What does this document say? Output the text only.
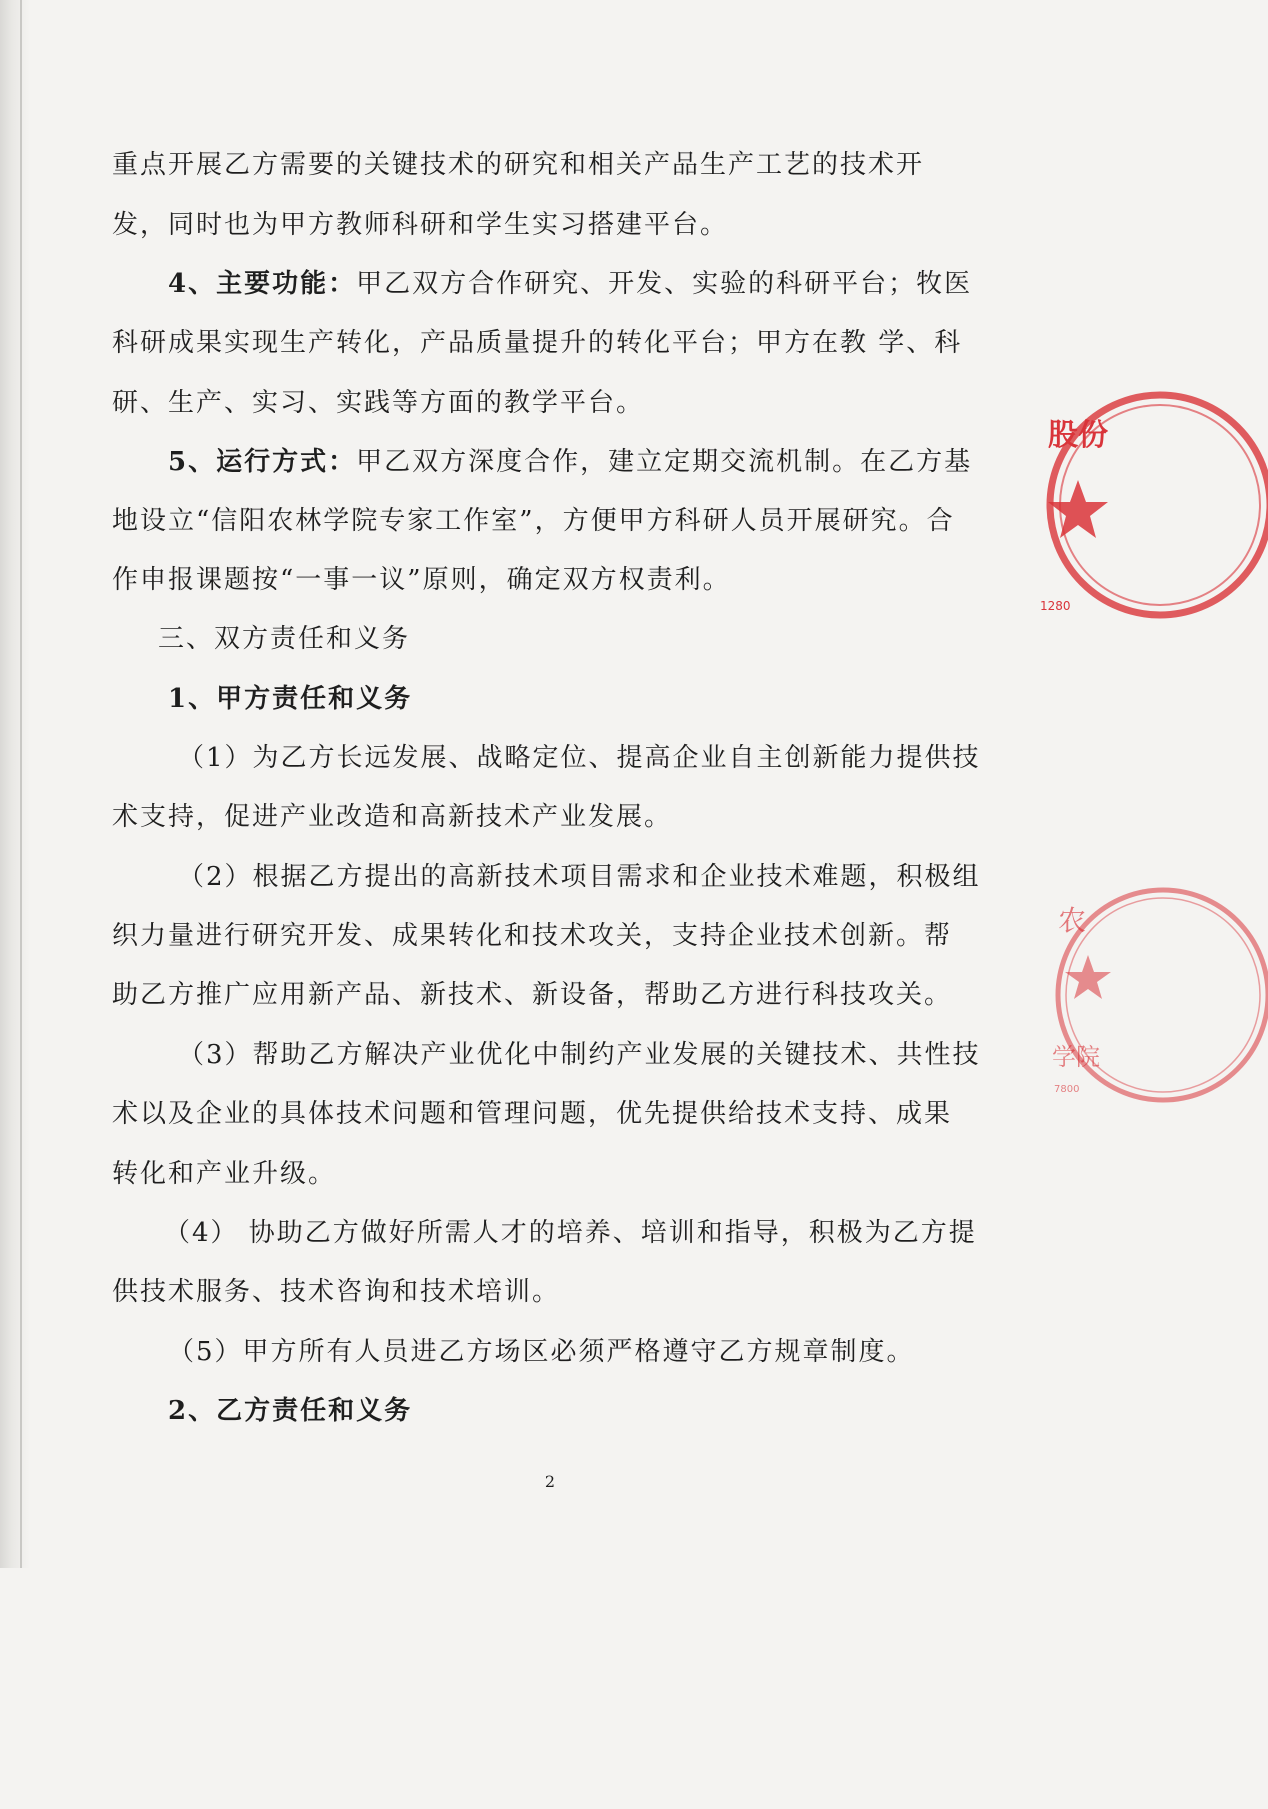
重点开展乙方需要的关键技术的研究和相关产品生产工艺的技术开
发，同时也为甲方教师科研和学生实习搭建平台。
4、主要功能：甲乙双方合作研究、开发、实验的科研平台；牧医
科研成果实现生产转化，产品质量提升的转化平台；甲方在教 学、科
研、生产、实习、实践等方面的教学平台。
5、运行方式：甲乙双方深度合作，建立定期交流机制。在乙方基
地设立“信阳农林学院专家工作室”，方便甲方科研人员开展研究。合
作申报课题按“一事一议”原则，确定双方权责利。
三、双方责任和义务
1、甲方责任和义务
（1）为乙方长远发展、战略定位、提高企业自主创新能力提供技
术支持，促进产业改造和高新技术产业发展。
（2）根据乙方提出的高新技术项目需求和企业技术难题，积极组
织力量进行研究开发、成果转化和技术攻关，支持企业技术创新。帮
助乙方推广应用新产品、新技术、新设备，帮助乙方进行科技攻关。
（3）帮助乙方解决产业优化中制约产业发展的关键技术、共性技
术以及企业的具体技术问题和管理问题，优先提供给技术支持、成果
转化和产业升级。
（4） 协助乙方做好所需人才的培养、培训和指导，积极为乙方提
供技术服务、技术咨询和技术培训。
（5）甲方所有人员进乙方场区必须严格遵守乙方规章制度。
2、乙方责任和义务
2
股份
1280
农
学院
7800
